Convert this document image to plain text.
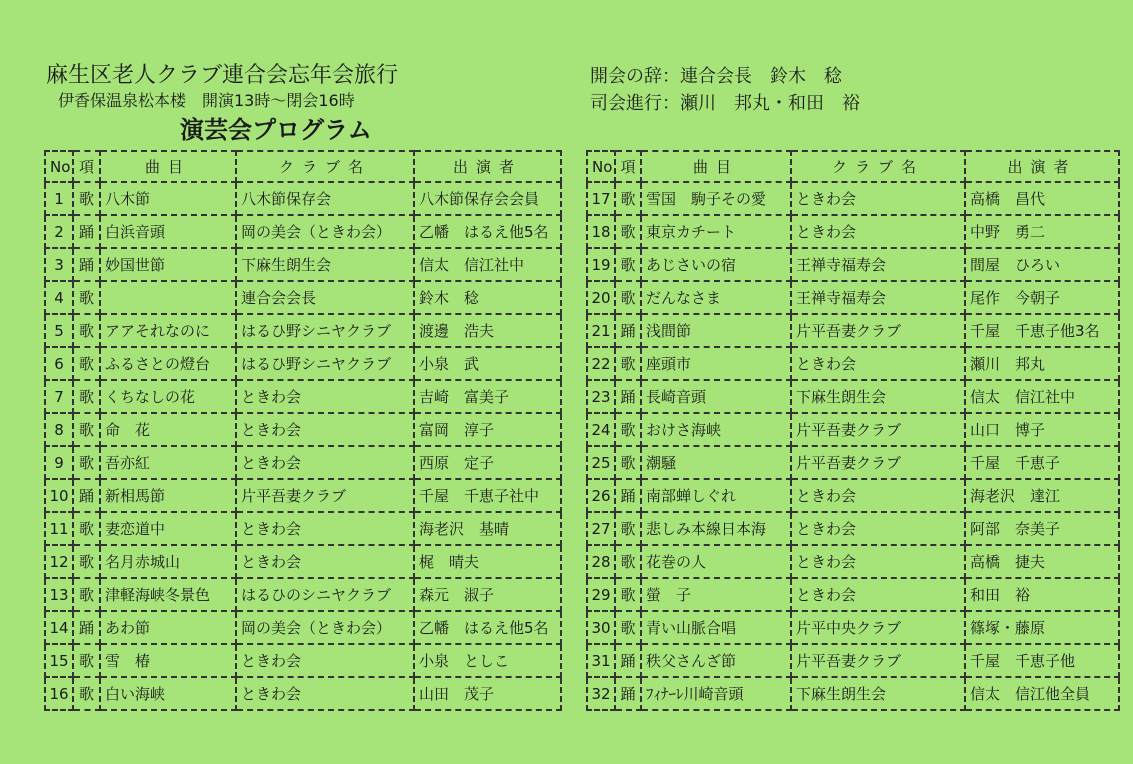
麻生区老人クラブ連合会忘年会旅行
伊香保温泉松本楼　開演13時〜閉会16時
演芸会プログラム
開会の辞：連合会長　鈴木　稔
司会進行：瀬川　邦丸・和田　裕
No	項	曲目	クラブ名	出演者
1	歌	八木節	八木節保存会	八木節保存会会員
2	踊	白浜音頭	岡の美会（ときわ会）	乙幡　はるえ他5名
3	踊	妙国世節	下麻生朗生会	信太　信江社中
4	歌		連合会会長	鈴木　稔
5	歌	アアそれなのに	はるひ野シニヤクラブ	渡邊　浩夫
6	歌	ふるさとの燈台	はるひ野シニヤクラブ	小泉　武
7	歌	くちなしの花	ときわ会	吉崎　富美子
8	歌	命　花	ときわ会	富岡　淳子
9	歌	吾亦紅	ときわ会	西原　定子
10	踊	新相馬節	片平吾妻クラブ	千屋　千恵子社中
11	歌	妻恋道中	ときわ会	海老沢　基晴
12	歌	名月赤城山	ときわ会	梶　晴夫
13	歌	津軽海峡冬景色	はるひのシニヤクラブ	森元　淑子
14	踊	あわ節	岡の美会（ときわ会）	乙幡　はるえ他5名
15	歌	雪　椿	ときわ会	小泉　としこ
16	歌	白い海峡	ときわ会	山田　茂子
No	項	曲目	クラブ名	出演者
17	歌	雪国　駒子その愛	ときわ会	高橋　昌代
18	歌	東京カチート	ときわ会	中野　勇二
19	歌	あじさいの宿	王禅寺福寿会	間屋　ひろい
20	歌	だんなさま	王禅寺福寿会	尾作　今朝子
21	踊	浅間節	片平吾妻クラブ	千屋　千恵子他3名
22	歌	座頭市	ときわ会	瀬川　邦丸
23	踊	長崎音頭	下麻生朗生会	信太　信江社中
24	歌	おけさ海峡	片平吾妻クラブ	山口　博子
25	歌	潮騒	片平吾妻クラブ	千屋　千恵子
26	踊	南部蝉しぐれ	ときわ会	海老沢　達江
27	歌	悲しみ本線日本海	ときわ会	阿部　奈美子
28	歌	花巻の人	ときわ会	高橋　捷夫
29	歌	螢　子	ときわ会	和田　裕
30	歌	青い山脈合唱	片平中央クラブ	篠塚・藤原
31	踊	秩父さんざ節	片平吾妻クラブ	千屋　千恵子他
32	踊	ﾌｨﾅｰﾚ川崎音頭	下麻生朗生会	信太　信江他全員
